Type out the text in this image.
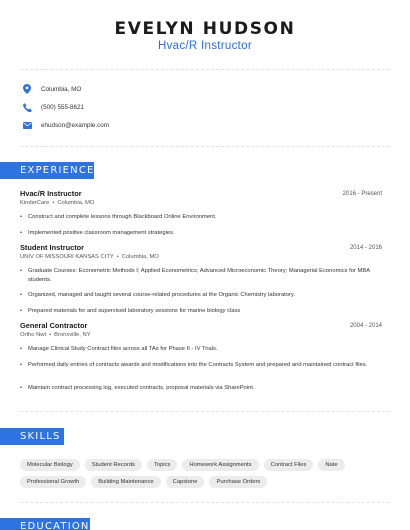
EVELYN HUDSON
Hvac/R Instructor
Columbia, MO
(500) 555-8621
ehudson@example.com
EXPERIENCE
Hvac/R Instructor	2016 - Present
KinderCare • Columbia, MO
• Construct and complete lessons through Blackboard Online Environment.
• Implemented positive classroom management strategies.
Student Instructor	2014 - 2016
UNIV OF MISSOURI KANSAS CITY • Columbia, MO
• Graduate Courses: Econometric Methods I; Applied Econometrics; Advanced Microeconomic Theory; Managerial Economics for MBA students.
• Organized, managed and taught several course-related procedures at the Organic Chemistry laboratory.
• Prepared materials for and supervised laboratory sessions for marine biology class
General Contractor	2004 - 2014
Ortho Nwt • Bronxville, NY
• Manage Clinical Study Contract files across all TAs for Phase II - IV Trials.
• Performed daily entries of contracts awards and modifications into the Contracts System and prepared and maintained contract files.
• Maintain contract processing log, executed contracts, proposal materials via SharePoint.
SKILLS
Molecular Biology	Student Records	Topics	Homework Assignments	Contract Files	Nate
Professional Growth	Building Maintenance	Capstone	Purchase Orders
EDUCATION
